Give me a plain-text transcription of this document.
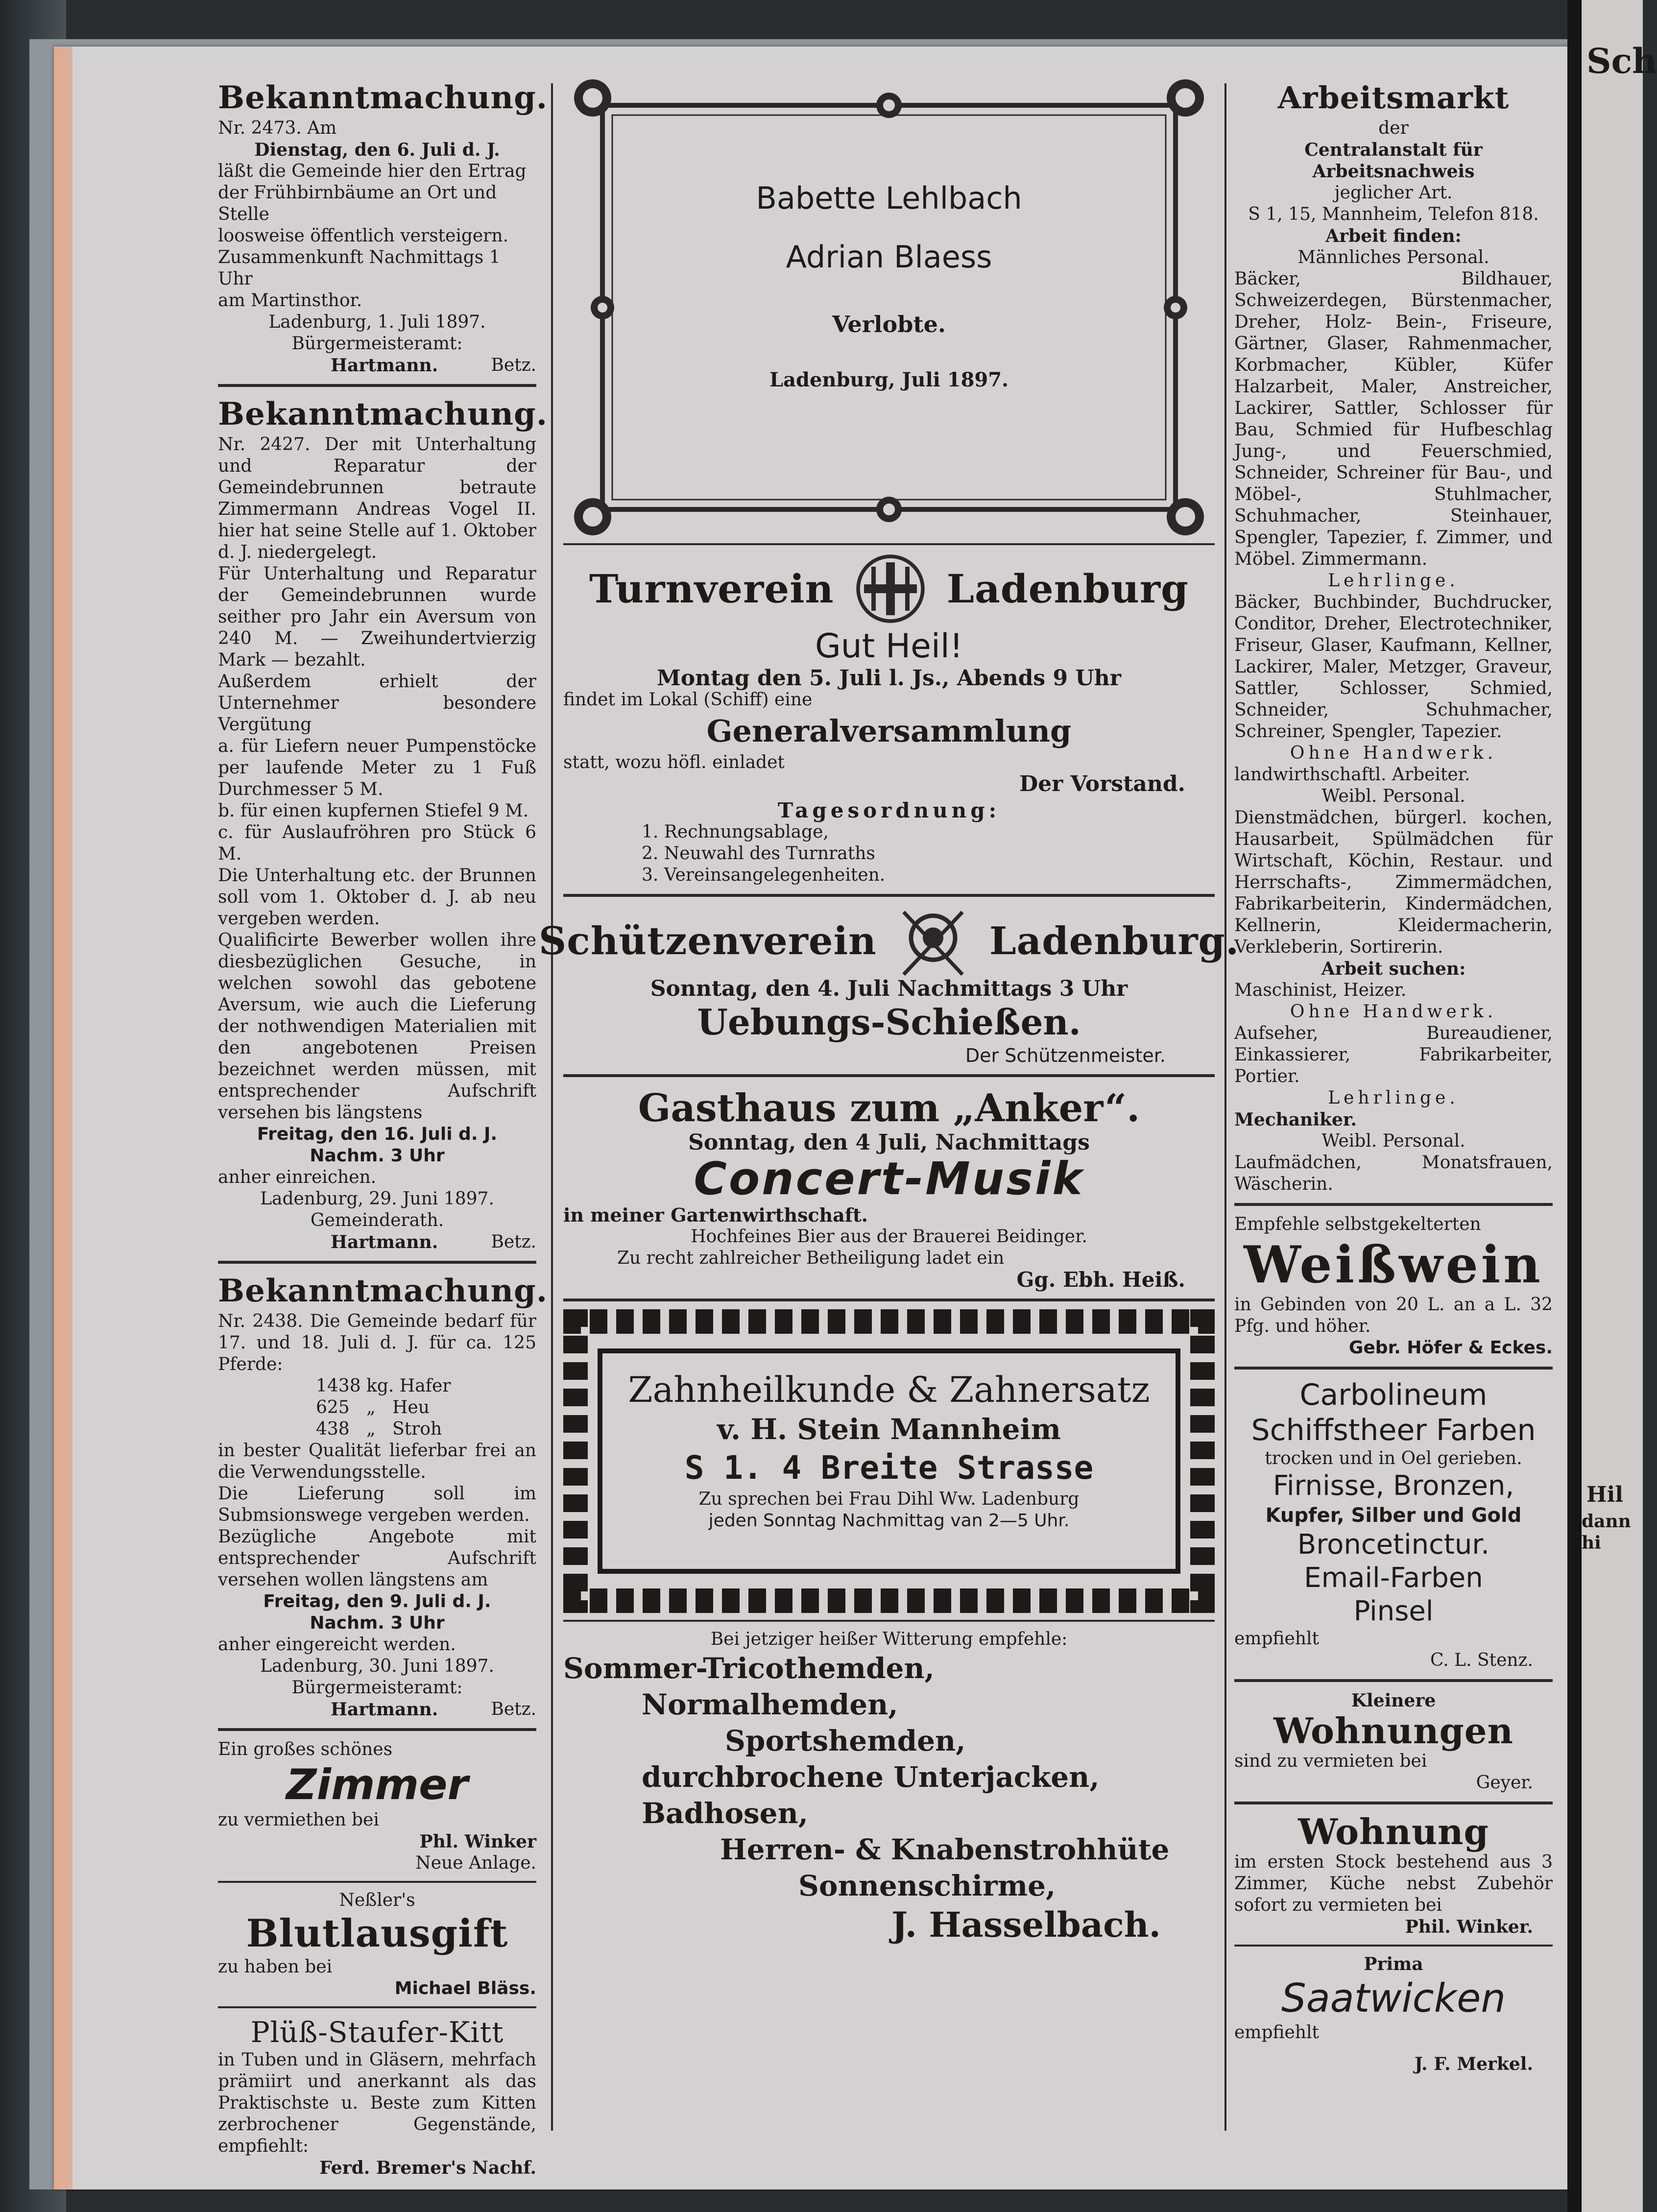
Sch
Hil
dann hi
Bekanntmachung.

Nr. 2473. Am

Dienstag, den 6. Juli d. J.

läßt die Gemeinde hier den Ertrag

der Frühbirnbäume an Ort und Stelle

loosweise öffentlich versteigern.

Zusammenkunft Nachmittags 1 Uhr

am Martinsthor.

Ladenburg, 1. Juli 1897.

Bürgermeisteramt:

Hartmann.	Betz.
Bekanntmachung.

Nr. 2427. Der mit Unterhaltung und Reparatur der Gemeindebrunnen betraute Zimmermann Andreas Vogel II. hier hat seine Stelle auf 1. Oktober d. J. niedergelegt.

Für Unterhaltung und Reparatur der Gemeindebrunnen wurde seither pro Jahr ein Aversum von 240 M. — Zweihundertvierzig Mark — bezahlt.

Außerdem erhielt der Unternehmer besondere Vergütung

a. für Liefern neuer Pumpenstöcke per laufende Meter zu 1 Fuß Durchmesser 5 M.

b. für einen kupfernen Stiefel 9 M.

c. für Auslaufröhren pro Stück 6 M.

Die Unterhaltung etc. der Brunnen soll vom 1. Oktober d. J. ab neu vergeben werden.

Qualificirte Bewerber wollen ihre diesbezüglichen Gesuche, in welchen sowohl das gebotene Aversum, wie auch die Lieferung der nothwendigen Materialien mit den angebotenen Preisen bezeichnet werden müssen, mit entsprechender Aufschrift versehen bis längstens

Freitag, den 16. Juli d. J.

Nachm. 3 Uhr

anher einreichen.

Ladenburg, 29. Juni 1897.

Gemeinderath.

Hartmann.	Betz.
Bekanntmachung.

Nr. 2438. Die Gemeinde bedarf für 17. und 18. Juli d. J. für ca. 125 Pferde:

1438 kg. Hafer

625   „   Heu

438   „   Stroh

in bester Qualität lieferbar frei an die Verwendungsstelle.

Die Lieferung soll im Submsionswege vergeben werden.

Bezügliche Angebote mit entsprechender Aufschrift versehen wollen längstens am

Freitag, den 9. Juli d. J.

Nachm. 3 Uhr

anher eingereicht werden.

Ladenburg, 30. Juni 1897.

Bürgermeisteramt:

Hartmann.	Betz.

Ein großes schönes

Zimmer

zu vermiethen bei

Phl. Winker

Neue Anlage.

Neßler's

Blutlausgift

zu haben bei

Michael Bläss.

Plüß-Staufer-Kitt

in Tuben und in Gläsern, mehrfach prämiirt und anerkannt als das Praktischste u. Beste zum Kitten zerbrochener Gegenstände, empfiehlt:

Ferd. Bremer's Nachf.

Babette Lehlbach

Adrian Blaess

Verlobte.

Ladenburg, Juli 1897.

Turnverein	Ladenburg

Gut Heil!

Montag den 5. Juli l. Js., Abends 9 Uhr

findet im Lokal (Schiff) eine

Generalversammlung

statt, wozu höfl. einladet

Der Vorstand.

Tagesordnung:

1. Rechnungsablage,

2. Neuwahl des Turnraths

3. Vereinsangelegenheiten.

Schützenverein	Ladenburg.

Sonntag, den 4. Juli Nachmittags 3 Uhr

Uebungs-Schießen.

Der Schützenmeister.

Gasthaus zum „Anker“.

Sonntag, den 4 Juli, Nachmittags

Concert-Musik

in meiner Gartenwirthschaft.

Hochfeines Bier aus der Brauerei Beidinger.

Zu recht zahlreicher Betheiligung ladet ein

Gg. Ebh. Heiß.

Zahnheilkunde & Zahnersatz

v. H. Stein Mannheim

S 1. 4 Breite Strasse

Zu sprechen bei Frau Dihl Ww. Ladenburg

jeden Sonntag Nachmittag van 2—5 Uhr.

Bei jetziger heißer Witterung empfehle:

Sommer-Tricothemden,

Normalhemden,

Sportshemden,

durchbrochene Unterjacken,

Badhosen,

Herren- & Knabenstrohhüte

Sonnenschirme,

J. Hasselbach.

Arbeitsmarkt

der

Centralanstalt für Arbeitsnachweis

jeglicher Art.

S 1, 15, Mannheim, Telefon 818.

Arbeit finden:

Männliches Personal.

Bäcker, Bildhauer, Schweizerdegen, Bürstenmacher, Dreher, Holz- Bein-, Friseure, Gärtner, Glaser, Rahmenmacher, Korbmacher, Kübler, Küfer Halzarbeit, Maler, Anstreicher, Lackirer, Sattler, Schlosser für Bau, Schmied für Hufbeschlag Jung-, und Feuerschmied, Schneider, Schreiner für Bau-, und Möbel-, Stuhlmacher, Schuhmacher, Steinhauer, Spengler, Tapezier, f. Zimmer, und Möbel. Zimmermann.

Lehrlinge.

Bäcker, Buchbinder, Buchdrucker, Conditor, Dreher, Electrotechniker, Friseur, Glaser, Kaufmann, Kellner, Lackirer, Maler, Metzger, Graveur, Sattler, Schlosser, Schmied, Schneider, Schuhmacher, Schreiner, Spengler, Tapezier.

Ohne Handwerk.

landwirthschaftl. Arbeiter.

Weibl. Personal.

Dienstmädchen, bürgerl. kochen, Hausarbeit, Spülmädchen für Wirtschaft, Köchin, Restaur. und Herrschafts-, Zimmermädchen, Fabrikarbeiterin, Kindermädchen, Kellnerin, Kleidermacherin, Verkleberin, Sortirerin.

Arbeit suchen:

Maschinist, Heizer.

Ohne Handwerk.

Aufseher, Bureaudiener, Einkassierer, Fabrikarbeiter, Portier.

Lehrlinge.

Mechaniker.

Weibl. Personal.

Laufmädchen, Monatsfrauen, Wäscherin.

Empfehle selbstgekelterten

Weißwein

in Gebinden von 20 L. an a L. 32 Pfg. und höher.

Gebr. Höfer & Eckes.

Carbolineum

Schiffstheer Farben

trocken und in Oel gerieben.

Firnisse, Bronzen,

Kupfer, Silber und Gold

Broncetinctur.

Email-Farben

Pinsel

empfiehlt

C. L. Stenz.

Kleinere

Wohnungen

sind zu vermieten bei

Geyer.

Wohnung

im ersten Stock bestehend aus 3 Zimmer, Küche nebst Zubehör sofort zu vermieten bei

Phil. Winker.

Prima

Saatwicken

empfiehlt

J. F. Merkel.
